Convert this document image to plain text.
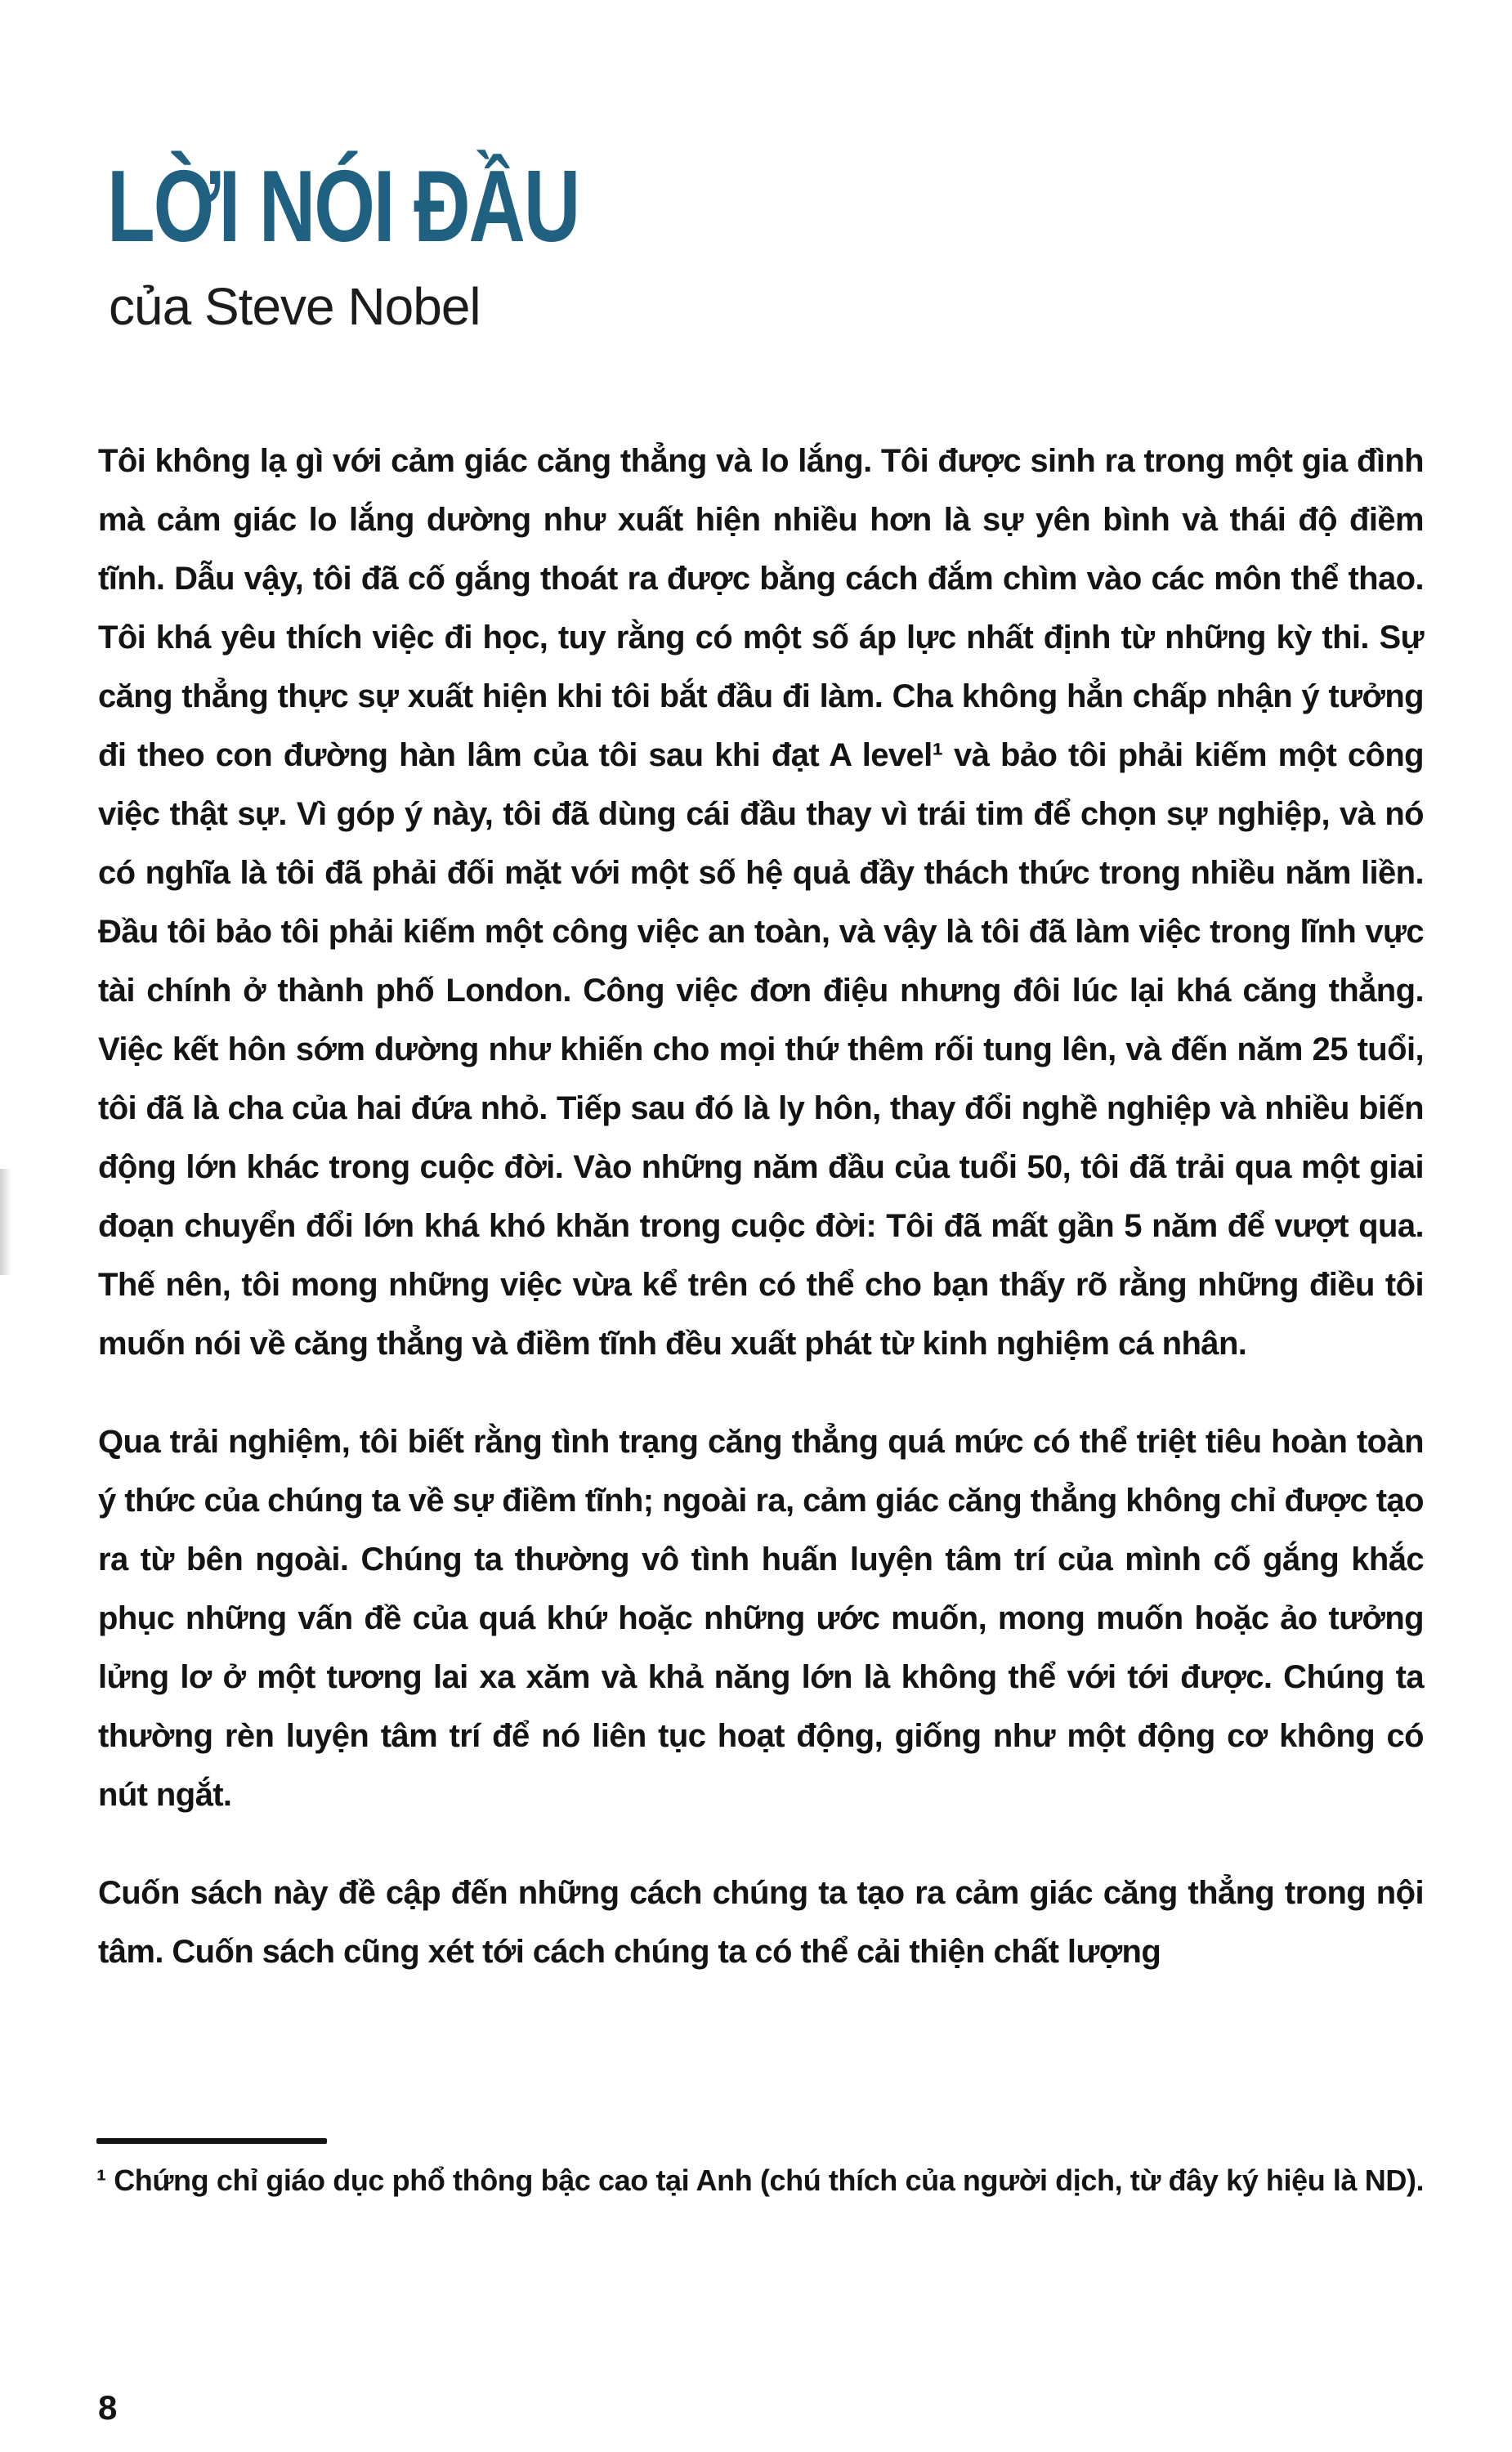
LỜI NÓI ĐẦU
của Steve Nobel

Tôi không lạ gì với cảm giác căng thẳng và lo lắng. Tôi được sinh ra trong một gia đình mà cảm giác lo lắng dường như xuất hiện nhiều hơn là sự yên bình và thái độ điềm tĩnh. Dẫu vậy, tôi đã cố gắng thoát ra được bằng cách đắm chìm vào các môn thể thao. Tôi khá yêu thích việc đi học, tuy rằng có một số áp lực nhất định từ những kỳ thi. Sự căng thẳng thực sự xuất hiện khi tôi bắt đầu đi làm. Cha không hẳn chấp nhận ý tưởng đi theo con đường hàn lâm của tôi sau khi đạt A level¹ và bảo tôi phải kiếm một công việc thật sự. Vì góp ý này, tôi đã dùng cái đầu thay vì trái tim để chọn sự nghiệp, và nó có nghĩa là tôi đã phải đối mặt với một số hệ quả đầy thách thức trong nhiều năm liền. Đầu tôi bảo tôi phải kiếm một công việc an toàn, và vậy là tôi đã làm việc trong lĩnh vực tài chính ở thành phố London. Công việc đơn điệu nhưng đôi lúc lại khá căng thẳng. Việc kết hôn sớm dường như khiến cho mọi thứ thêm rối tung lên, và đến năm 25 tuổi, tôi đã là cha của hai đứa nhỏ. Tiếp sau đó là ly hôn, thay đổi nghề nghiệp và nhiều biến động lớn khác trong cuộc đời. Vào những năm đầu của tuổi 50, tôi đã trải qua một giai đoạn chuyển đổi lớn khá khó khăn trong cuộc đời: Tôi đã mất gần 5 năm để vượt qua. Thế nên, tôi mong những việc vừa kể trên có thể cho bạn thấy rõ rằng những điều tôi muốn nói về căng thẳng và điềm tĩnh đều xuất phát từ kinh nghiệm cá nhân.

Qua trải nghiệm, tôi biết rằng tình trạng căng thẳng quá mức có thể triệt tiêu hoàn toàn ý thức của chúng ta về sự điềm tĩnh; ngoài ra, cảm giác căng thẳng không chỉ được tạo ra từ bên ngoài. Chúng ta thường vô tình huấn luyện tâm trí của mình cố gắng khắc phục những vấn đề của quá khứ hoặc những ước muốn, mong muốn hoặc ảo tưởng lửng lơ ở một tương lai xa xăm và khả năng lớn là không thể với tới được. Chúng ta thường rèn luyện tâm trí để nó liên tục hoạt động, giống như một động cơ không có nút ngắt.

Cuốn sách này đề cập đến những cách chúng ta tạo ra cảm giác căng thẳng trong nội tâm. Cuốn sách cũng xét tới cách chúng ta có thể cải thiện chất lượng

¹ Chứng chỉ giáo dục phổ thông bậc cao tại Anh (chú thích của người dịch, từ đây ký hiệu là ND).
8
